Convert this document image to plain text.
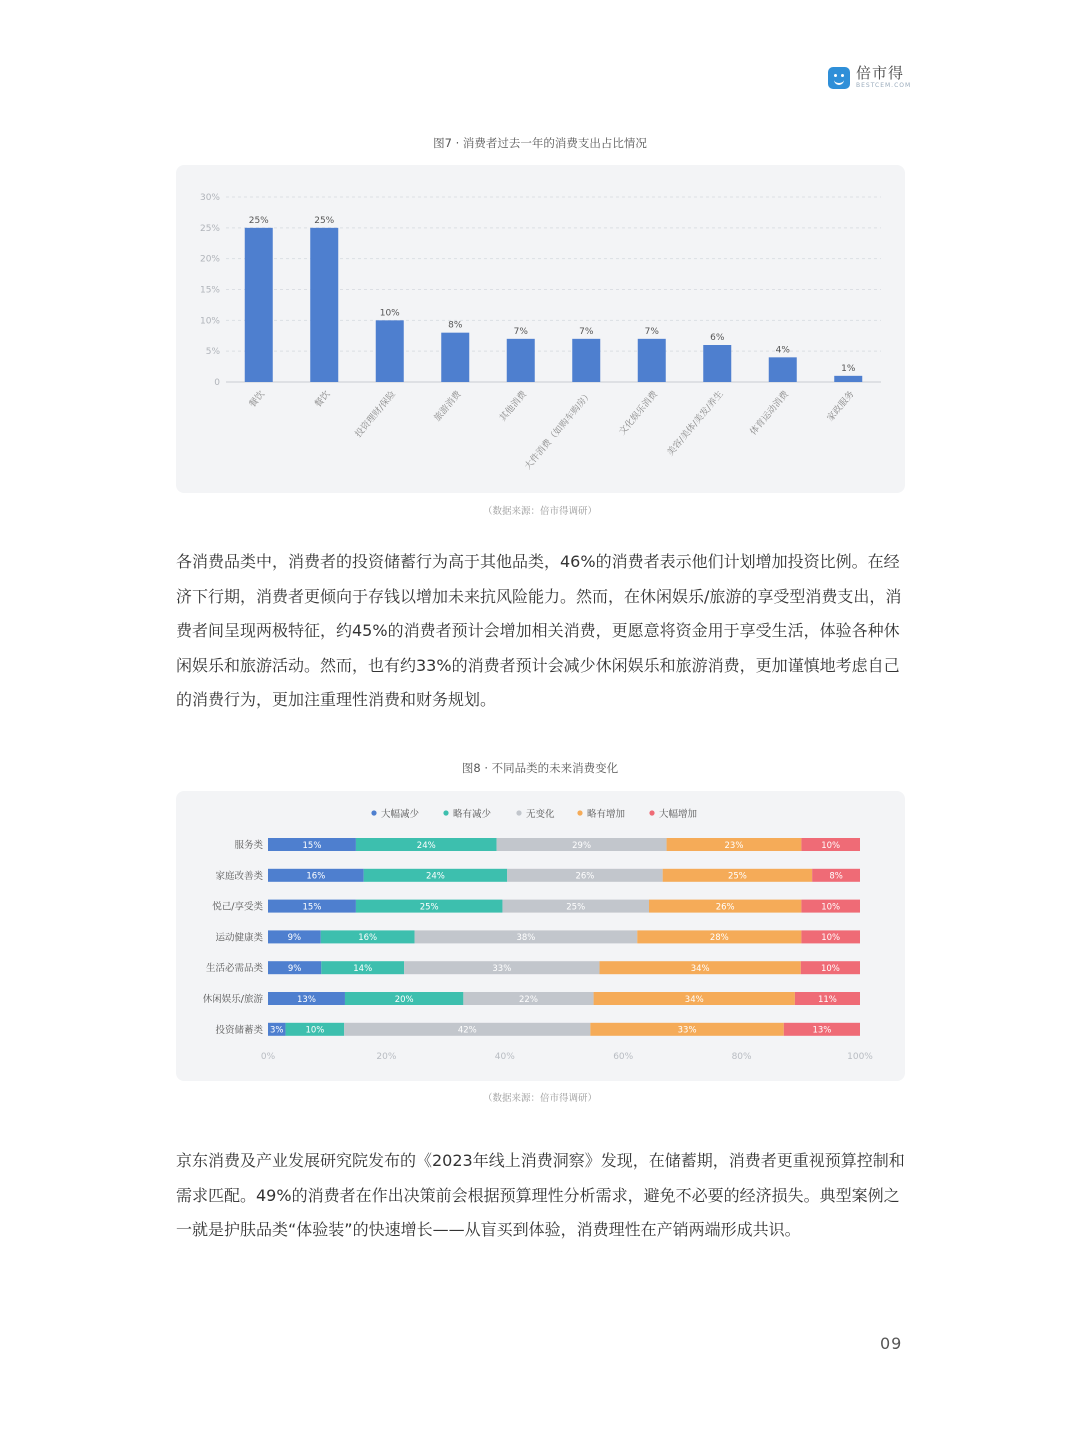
倍市得
BESTCEM.COM
图7 · 消费者过去一年的消费支出占比情况
0
5%
10%
15%
20%
25%
30%
25%
餐饮
25%
餐饮
10%
投资理财/保险
8%
旅游消费
7%
其他消费
7%
大件消费（如购车购房）
7%
文化娱乐消费
6%
美容/美体/美发/养生
4%
体育运动消费
1%
家政服务
（数据来源：倍市得调研）

各消费品类中，消费者的投资储蓄行为高于其他品类，46%的消费者表示他们计划增加投资比例。在经济下行期，消费者更倾向于存钱以增加未来抗风险能力。然而，在休闲娱乐/旅游的享受型消费支出，消费者间呈现两极特征，约45%的消费者预计会增加相关消费，更愿意将资金用于享受生活，体验各种休闲娱乐和旅游活动。然而，也有约33%的消费者预计会减少休闲娱乐和旅游消费，更加谨慎地考虑自己的消费行为，更加注重理性消费和财务规划。

图8 · 不同品类的未来消费变化
大幅减少	略有减少	无变化	略有增加	大幅增加
0%	20%	40%	60%	80%	100%
服务类	15%	24%	29%	23%	10%
家庭改善类	16%	24%	26%	25%	8%
悦己/享受类	15%	25%	25%	26%	10%
运动健康类	9%	16%	38%	28%	10%
生活必需品类	9%	14%	33%	34%	10%
休闲娱乐/旅游	13%	20%	22%	34%	11%
投资储蓄类 3%	10%	42%	33%	13%
（数据来源：倍市得调研）

京东消费及产业发展研究院发布的《2023年线上消费洞察》发现，在储蓄期，消费者更重视预算控制和需求匹配。49%的消费者在作出决策前会根据预算理性分析需求，避免不必要的经济损失。典型案例之一就是护肤品类“体验装”的快速增长——从盲买到体验，消费理性在产销两端形成共识。

09
